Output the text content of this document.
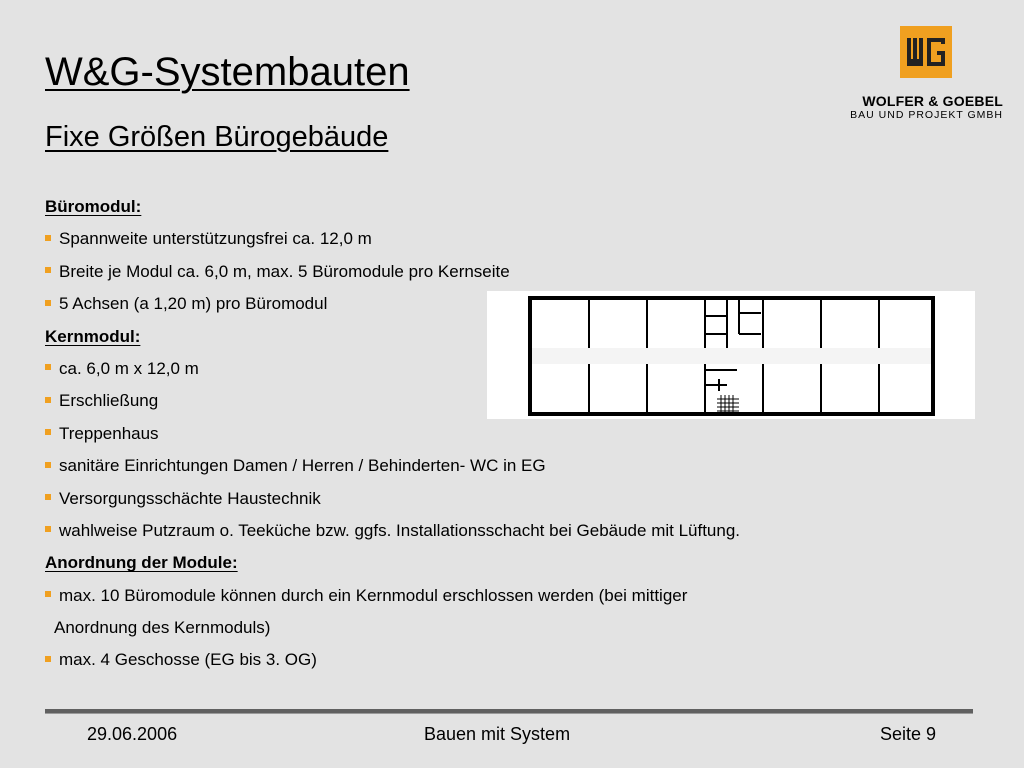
W&G-Systembauten
Fixe Größen Bürogebäude
WOLFER & GOEBEL
BAU UND PROJEKT GMBH
Büromodul:
Spannweite unterstützungsfrei ca. 12,0 m
Breite je Modul ca. 6,0 m, max. 5 Büromodule pro Kernseite
5 Achsen (a 1,20 m) pro Büromodul
Kernmodul:
ca. 6,0 m x 12,0 m
Erschließung
Treppenhaus
sanitäre Einrichtungen Damen / Herren / Behinderten- WC in EG
Versorgungsschächte Haustechnik
wahlweise Putzraum o. Teeküche bzw. ggfs. Installationsschacht bei Gebäude mit Lüftung.
Anordnung der Module:
max. 10 Büromodule können durch ein Kernmodul erschlossen werden (bei mittiger
Anordnung des Kernmoduls)
max. 4 Geschosse (EG bis 3. OG)
29.06.2006	Bauen mit System	Seite 9
